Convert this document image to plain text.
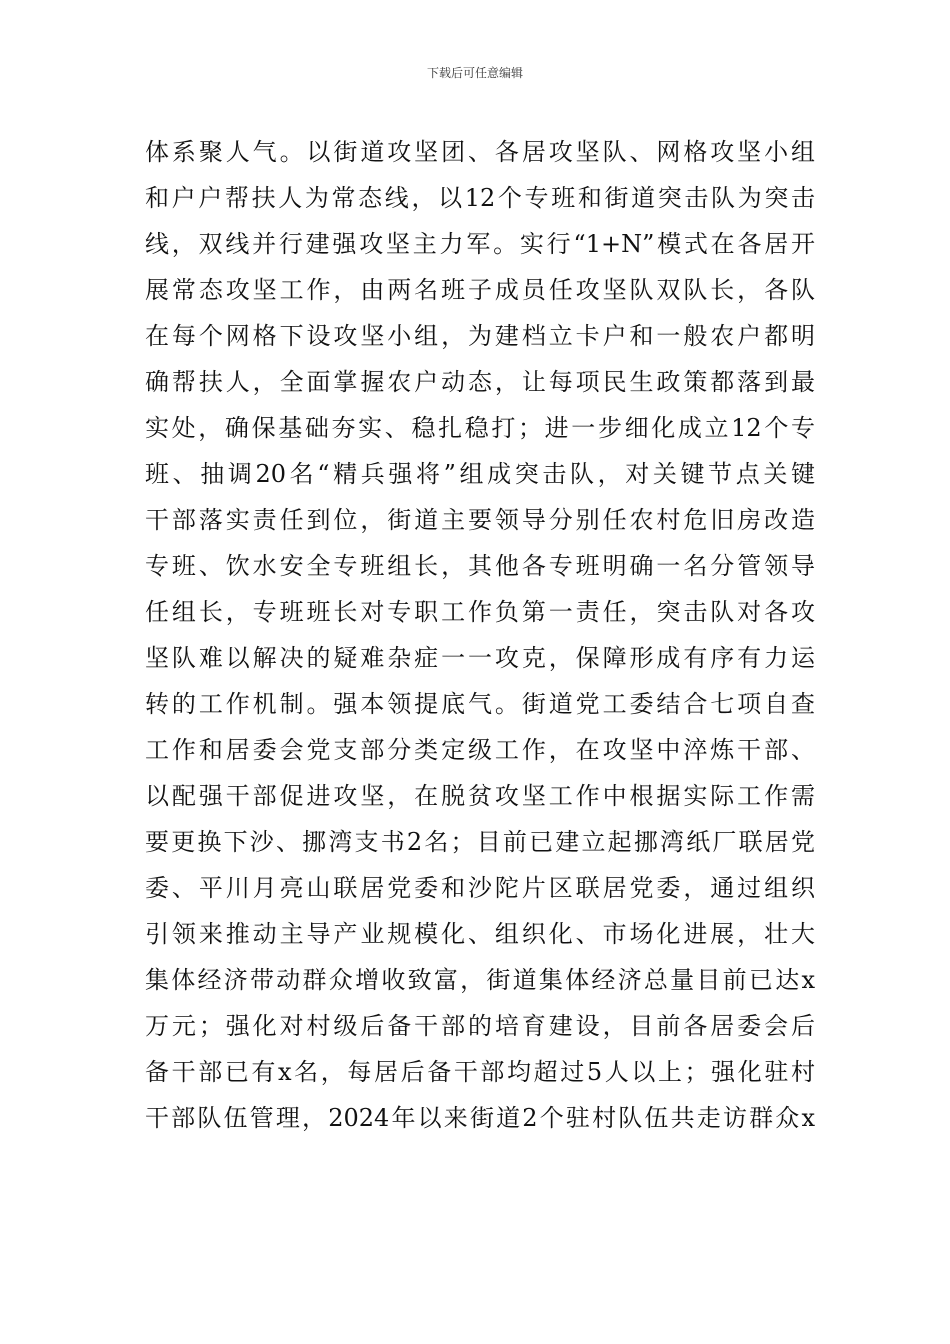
下载后可任意编辑
体系聚人气。以街道攻坚团、各居攻坚队、网格攻坚小组
和户户帮扶人为常态线，以12个专班和街道突击队为突击
线，双线并行建强攻坚主力军。实行“1+N”模式在各居开
展常态攻坚工作，由两名班子成员任攻坚队双队长，各队
在每个网格下设攻坚小组，为建档立卡户和一般农户都明
确帮扶人，全面掌握农户动态，让每项民生政策都落到最
实处，确保基础夯实、稳扎稳打；进一步细化成立12个专
班、抽调20名“精兵强将”组成突击队，对关键节点关键
干部落实责任到位，街道主要领导分别任农村危旧房改造
专班、饮水安全专班组长，其他各专班明确一名分管领导
任组长，专班班长对专职工作负第一责任，突击队对各攻
坚队难以解决的疑难杂症一一攻克，保障形成有序有力运
转的工作机制。强本领提底气。街道党工委结合七项自查
工作和居委会党支部分类定级工作，在攻坚中淬炼干部、
以配强干部促进攻坚，在脱贫攻坚工作中根据实际工作需
要更换下沙、挪湾支书2名；目前已建立起挪湾纸厂联居党
委、平川月亮山联居党委和沙陀片区联居党委，通过组织
引领来推动主导产业规模化、组织化、市场化进展，壮大
集体经济带动群众增收致富，街道集体经济总量目前已达x
万元；强化对村级后备干部的培育建设，目前各居委会后
备干部已有x名，每居后备干部均超过5人以上；强化驻村
干部队伍管理，2024年以来街道2个驻村队伍共走访群众x
